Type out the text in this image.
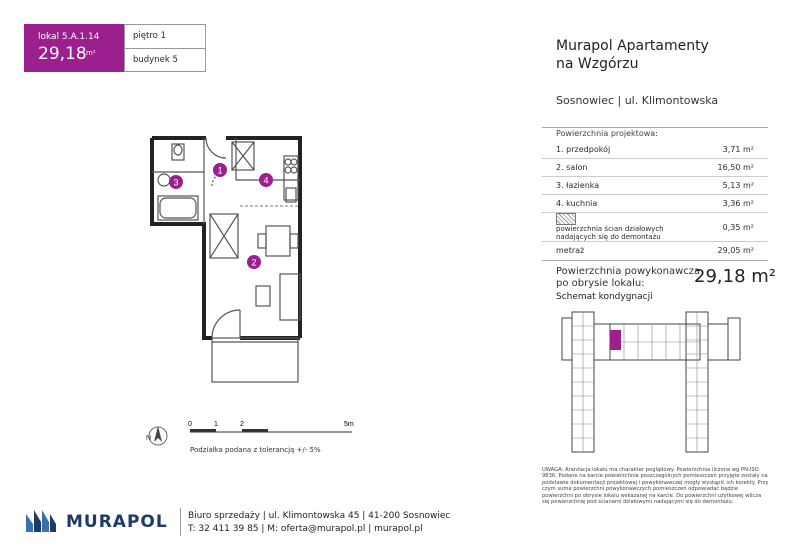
lokal 5.A.1.14
29,18 m²
piętro 1
budynek 5
Murapol Apartamenty
na Wzgórzu
Sosnowiec | ul. Klimontowska
Powierzchnia projektowa:
1. przedpokój	3,71 m²
2. salon	16,50 m²
3. łazienka	5,13 m²
4. kuchnia	3,36 m²
powierzchnia ścian działowych
nadających się do demontażu	0,35 m²
metraż	29,05 m²
Powierzchnia powykonawcza
po obrysie lokalu:	29,18 m²
Schemat kondygnacji
1
2
3	4
N
0	1	2	5m
Podziałka podana z tolerancją +/- 5%
UWAGA: Aranżacja lokalu ma charakter poglądowy. Powierzchnia liczona wg PN-ISO 9836. Podane na karcie powierzchnie poszczególnych pomieszczeń przyjęte zostały na podstawie dokumentacji projektowej i powykonawczej mogły wystąpić ich korekty. Przy czym suma powierzchni powykonawczych pomieszczeń odpowiadać będzie powierzchni po obrysie lokalu wskazanej na karcie. Do powierzchni użytkowej wlicza się powierzchnię pod ścianami działowymi nadającymi się do demontażu.
MURAPOL Biuro sprzedaży | ul. Klimontowska 45 | 41-200 Sosnowiec
T: 32 411 39 85 | M: oferta@murapol.pl | murapol.pl
